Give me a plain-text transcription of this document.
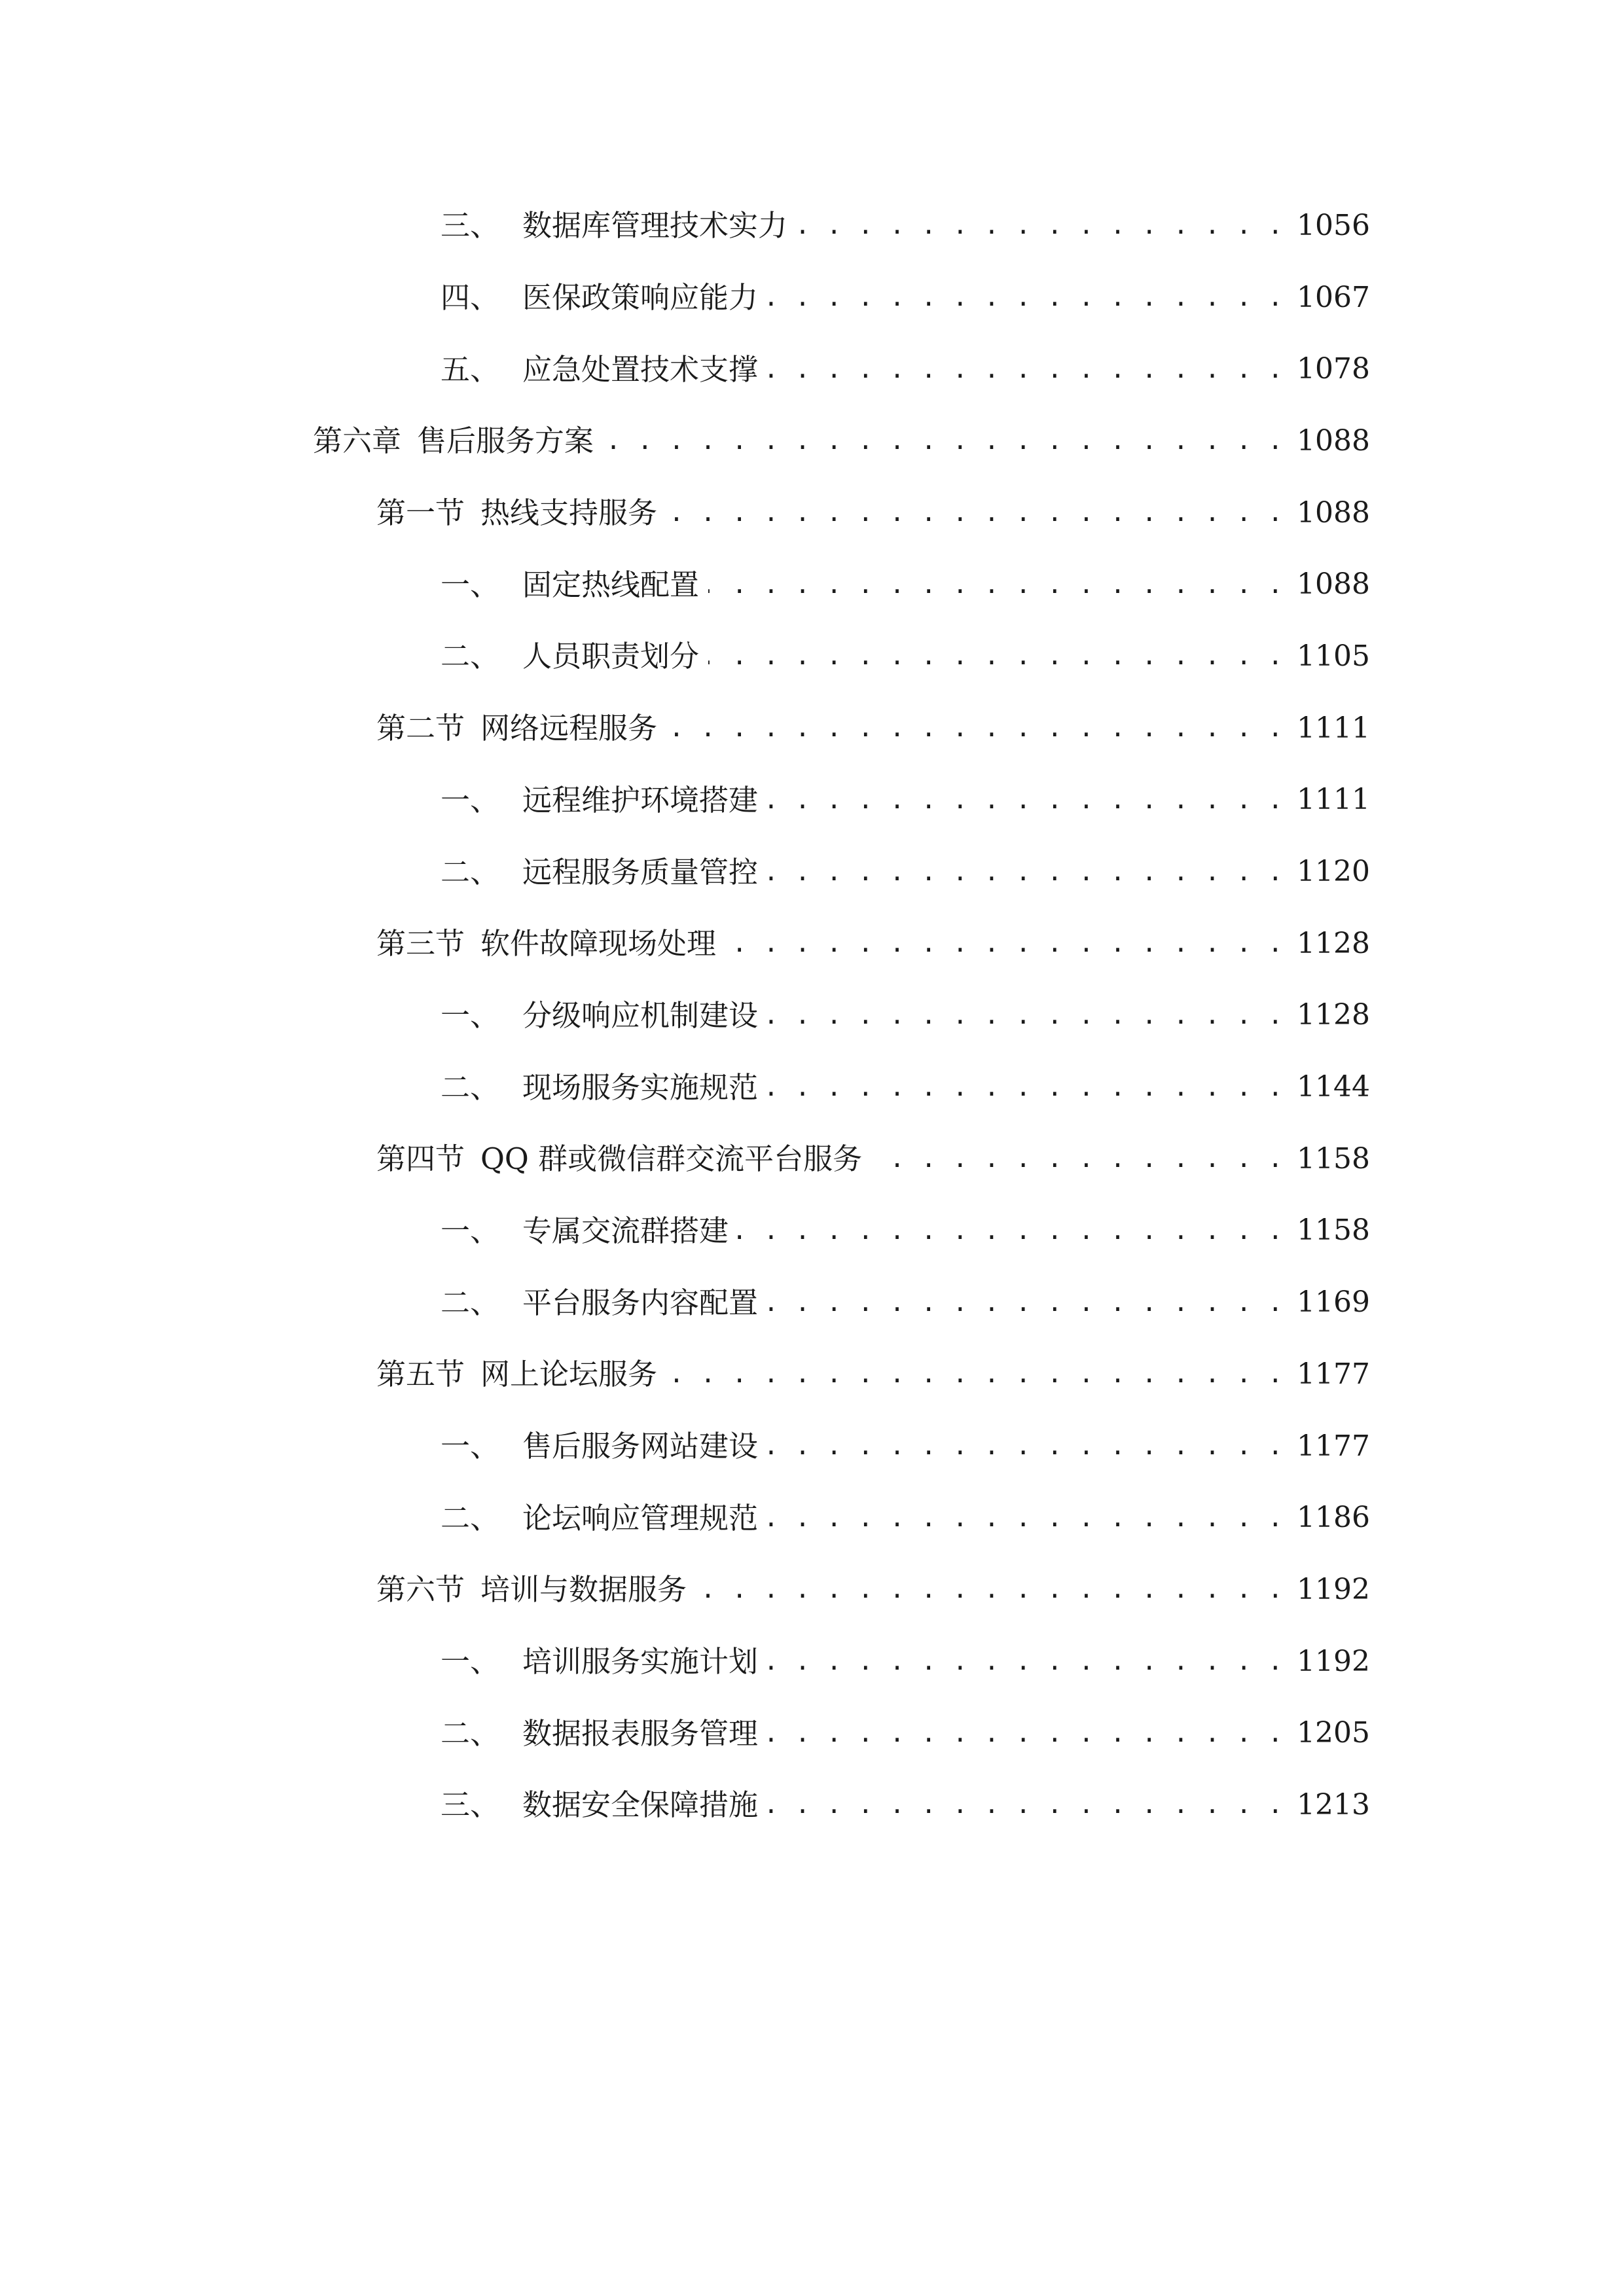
三、 数据库管理技术实力 . . .	1056
四、 医保政策响应能力 . . .	1067
五、 应急处置技术支撑 . . .	1078
第六章 售后服务方案 . . .	1088
第一节 热线支持服务 . . .	1088
一、 固定热线配置 . . .	1088
二、 人员职责划分 . . .	1105
第二节 网络远程服务 . . .	1111
一、 远程维护环境搭建 . . .	1111
二、 远程服务质量管控 . . .	1120
第三节 软件故障现场处理 . . .	1128
一、 分级响应机制建设 . . .	1128
二、 现场服务实施规范 . . .	1144
第四节 QQ 群或微信群交流平台服务 . . .	1158
一、 专属交流群搭建 . . .	1158
二、 平台服务内容配置 . . .	1169
第五节 网上论坛服务 . . .	1177
一、 售后服务网站建设 . . .	1177
二、 论坛响应管理规范 . . .	1186
第六节 培训与数据服务 . . .	1192
一、 培训服务实施计划 . . .	1192
二、 数据报表服务管理 . . .	1205
三、 数据安全保障措施 . . .	1213
